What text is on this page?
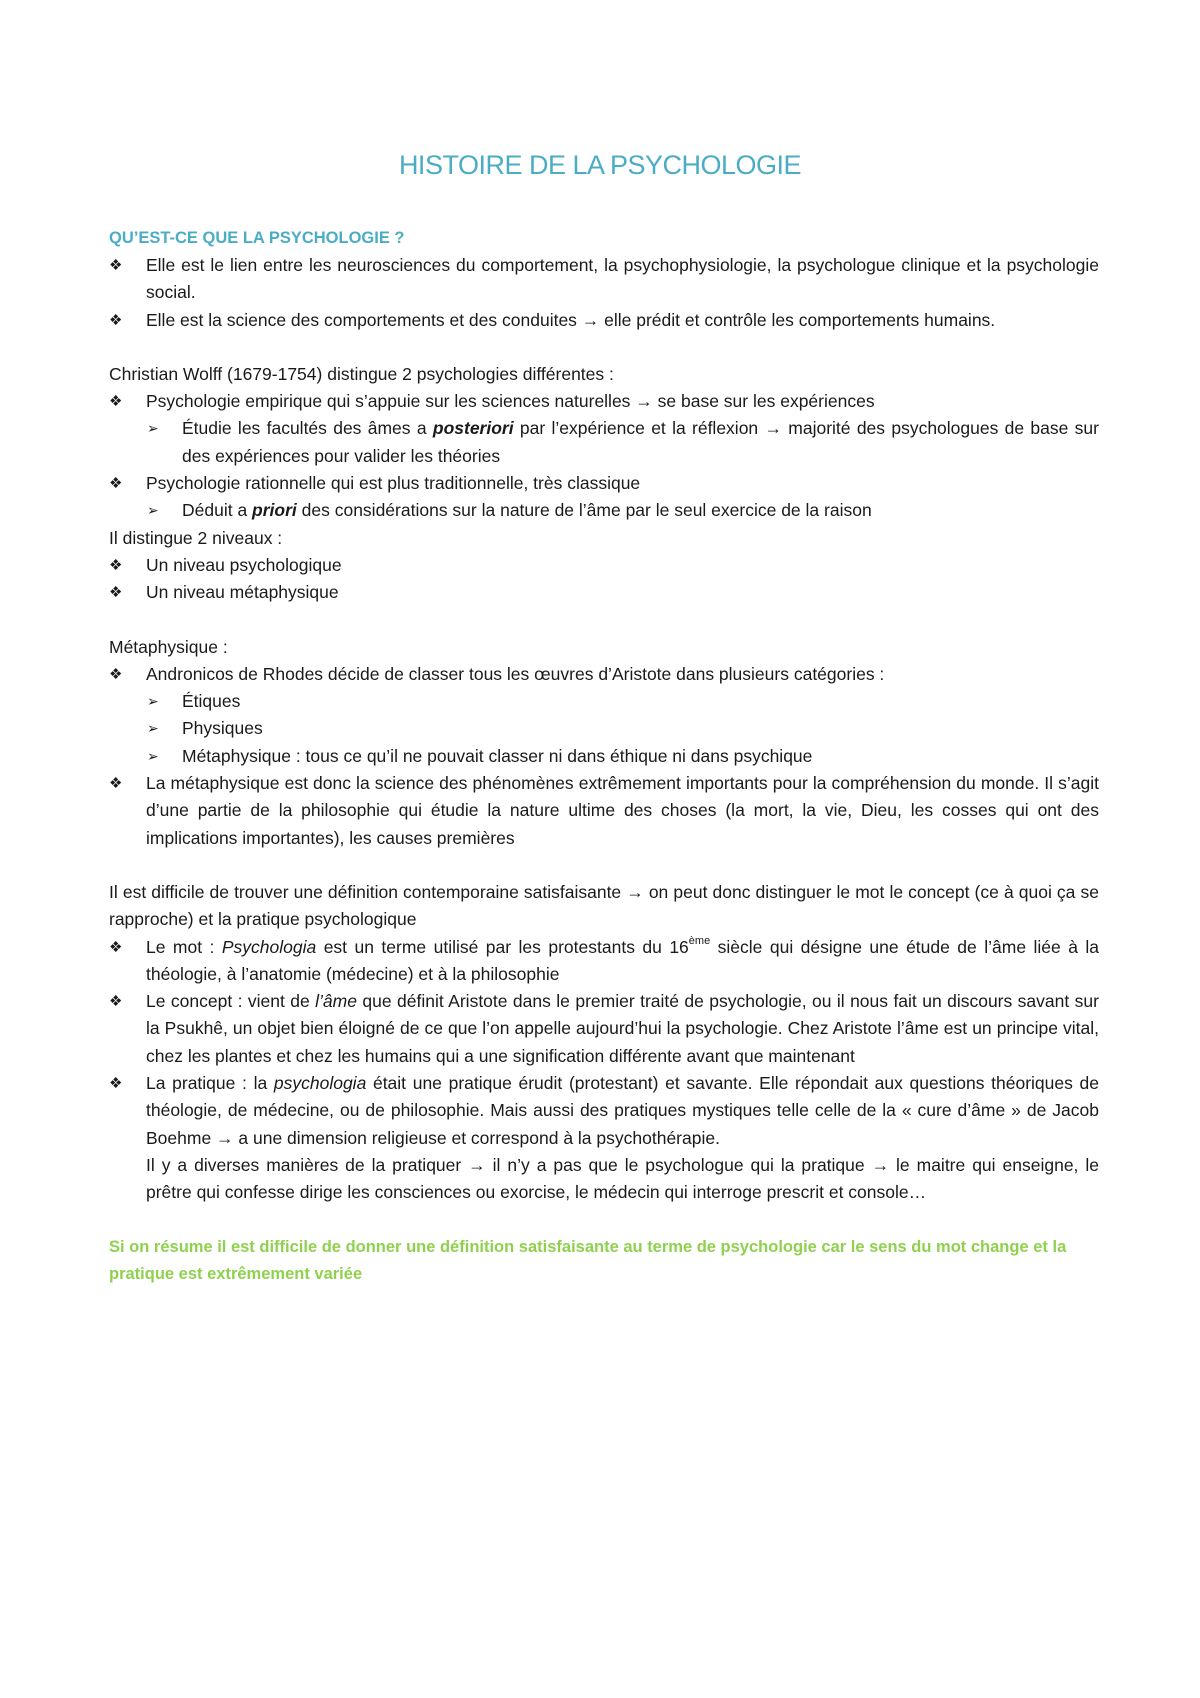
HISTOIRE DE LA PSYCHOLOGIE
QU’EST-CE QUE LA PSYCHOLOGIE ?
❖	Elle est le lien entre les neurosciences du comportement, la psychophysiologie, la psychologue clinique et la psychologie social.
❖	Elle est la science des comportements et des conduites → elle prédit et contrôle les comportements humains.

Christian Wolff (1679-1754) distingue 2 psychologies différentes :

❖	Psychologie empirique qui s’appuie sur les sciences naturelles → se base sur les expériences
➢	Étudie les facultés des âmes a posteriori par l’expérience et la réflexion → majorité des psychologues de base sur des expériences pour valider les théories
❖	Psychologie rationnelle qui est plus traditionnelle, très classique
➢	Déduit a priori des considérations sur la nature de l’âme par le seul exercice de la raison

Il distingue 2 niveaux :

❖	Un niveau psychologique
❖	Un niveau métaphysique

Métaphysique :

❖	Andronicos de Rhodes décide de classer tous les œuvres d’Aristote dans plusieurs catégories :
➢	Étiques
➢	Physiques
➢	Métaphysique : tous ce qu’il ne pouvait classer ni dans éthique ni dans psychique
❖	La métaphysique est donc la science des phénomènes extrêmement importants pour la compréhension du monde. Il s’agit d’une partie de la philosophie qui étudie la nature ultime des choses (la mort, la vie, Dieu, les cosses qui ont des implications importantes), les causes premières

Il est difficile de trouver une définition contemporaine satisfaisante → on peut donc distinguer le mot le concept (ce à quoi ça se rapproche) et la pratique psychologique

❖	Le mot : Psychologia est un terme utilisé par les protestants du 16ème siècle qui désigne une étude de l’âme liée à la théologie, à l’anatomie (médecine) et à la philosophie
❖	Le concept : vient de l’âme que définit Aristote dans le premier traité de psychologie, ou il nous fait un discours savant sur la Psukhê, un objet bien éloigné de ce que l’on appelle aujourd’hui la psychologie. Chez Aristote l’âme est un principe vital, chez les plantes et chez les humains qui a une signification différente avant que maintenant
❖	La pratique : la psychologia était une pratique érudit (protestant) et savante. Elle répondait aux questions théoriques de théologie, de médecine, ou de philosophie. Mais aussi des pratiques mystiques telle celle de la « cure d’âme » de Jacob Boehme → a une dimension religieuse et correspond à la psychothérapie.
Il y a diverses manières de la pratiquer → il n’y a pas que le psychologue qui la pratique → le maitre qui enseigne, le prêtre qui confesse dirige les consciences ou exorcise, le médecin qui interroge prescrit et console…

Si on résume il est difficile de donner une définition satisfaisante au terme de psychologie car le sens du mot change et la pratique est extrêmement variée
